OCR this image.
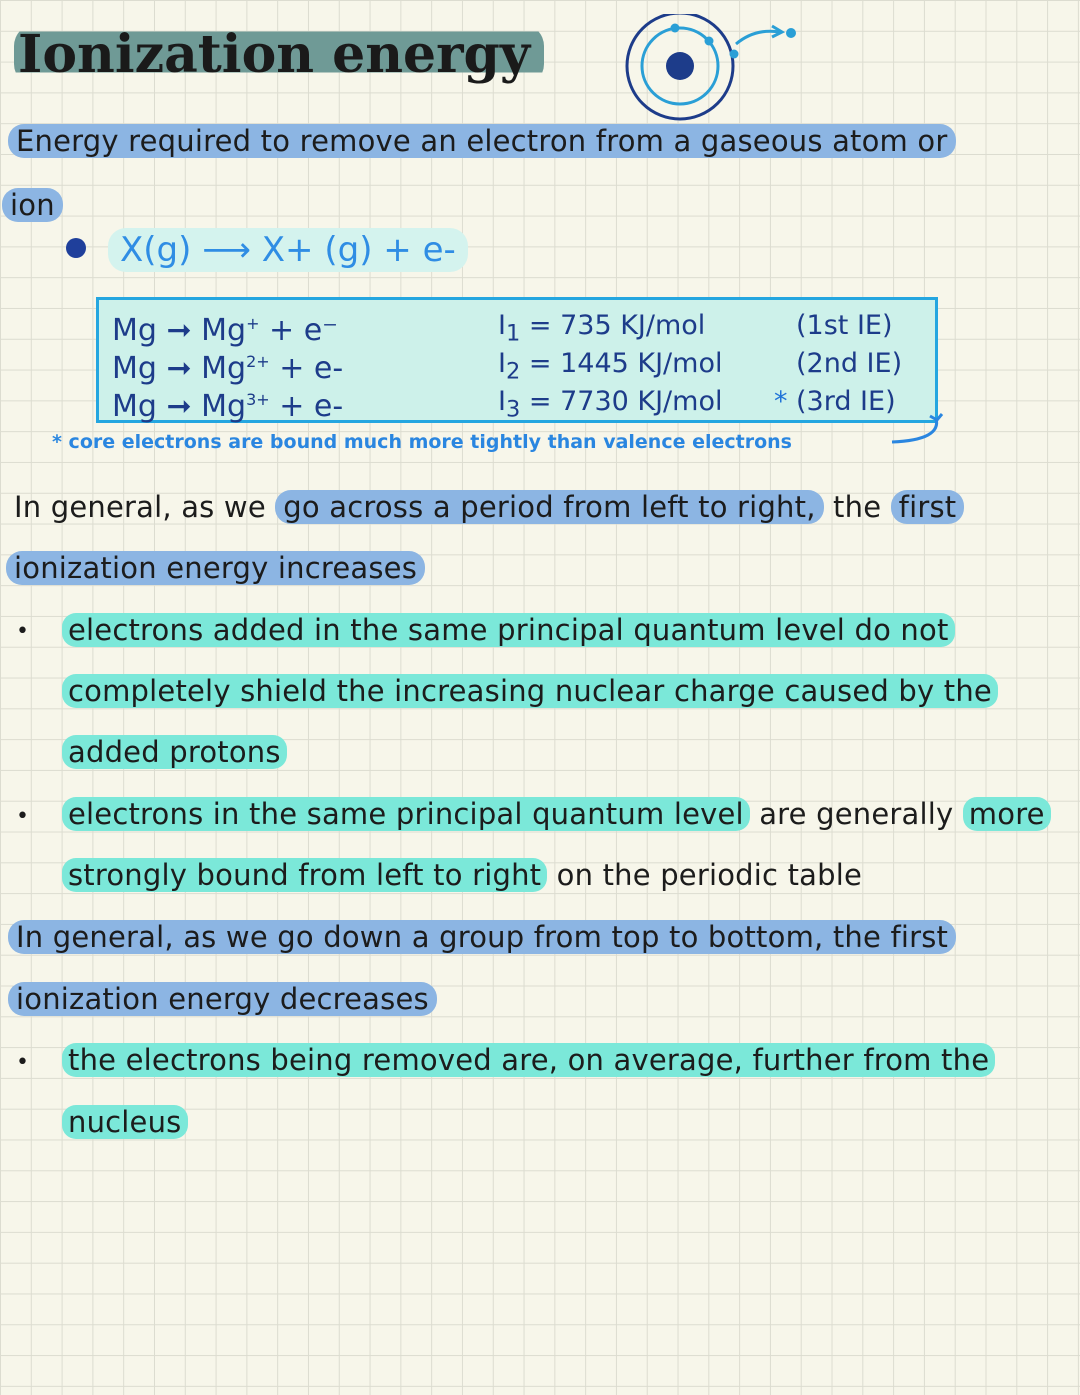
Ionization energy
Energy required to remove an electron from a gaseous atom or
ion
X(g) ⟶ X+ (g) + e-
Mg ➞ Mg+ + e⁻
Mg ➞ $Mg^{2+} + e-$
Mg ➞ $Mg^{3+} + e-$
$I_1 = 735$ KJ/mol
$I_2 = 1445$ KJ/mol
$I_3 = 7730$ KJ/mol
(1st IE)
(2nd IE)
* (3rd IE)
* core electrons are bound much more tightly than valence electrons
In general, as we go across a period from left to right, the first
ionization energy increases
• electrons added in the same principal quantum level do not
completely shield the increasing nuclear charge caused by the
added protons
• electrons in the same principal quantum level are generally more
strongly bound from left to right on the periodic table
In general, as we go down a group from top to bottom, the first
ionization energy decreases
• the electrons being removed are, on average, further from the
nucleus
